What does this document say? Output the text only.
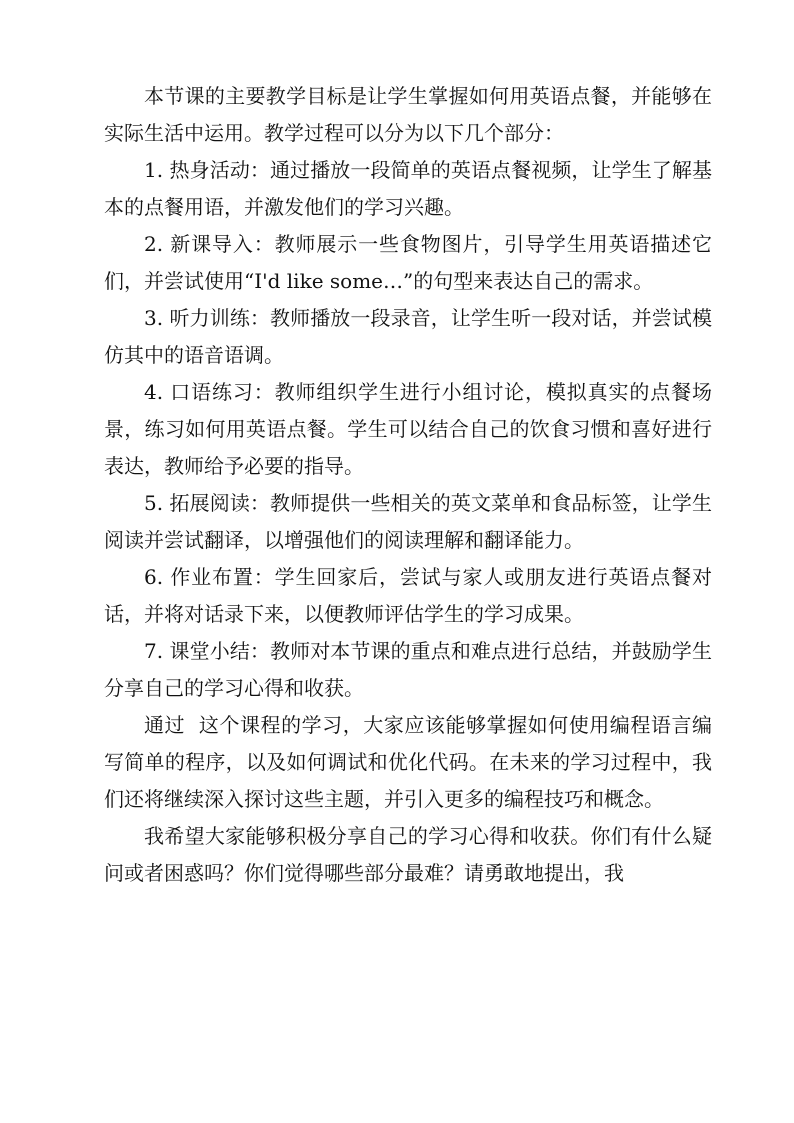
本节课的主要教学目标是让学生掌握如何用英语点餐，并能够在实际生活中运用。教学过程可以分为以下几个部分：

1. 热身活动：通过播放一段简单的英语点餐视频，让学生了解基本的点餐用语，并激发他们的学习兴趣。

2. 新课导入：教师展示一些食物图片，引导学生用英语描述它们，并尝试使用“I'd like some…”的句型来表达自己的需求。

3. 听力训练：教师播放一段录音，让学生听一段对话，并尝试模仿其中的语音语调。

4. 口语练习：教师组织学生进行小组讨论，模拟真实的点餐场景，练习如何用英语点餐。学生可以结合自己的饮食习惯和喜好进行表达，教师给予必要的指导。

5. 拓展阅读：教师提供一些相关的英文菜单和食品标签，让学生阅读并尝试翻译，以增强他们的阅读理解和翻译能力。

6. 作业布置：学生回家后，尝试与家人或朋友进行英语点餐对话，并将对话录下来，以便教师评估学生的学习成果。

7. 课堂小结：教师对本节课的重点和难点进行总结，并鼓励学生分享自己的学习心得和收获。

通过  这个课程的学习，大家应该能够掌握如何使用编程语言编写简单的程序，以及如何调试和优化代码。在未来的学习过程中，我们还将继续深入探讨这些主题，并引入更多的编程技巧和概念。

我希望大家能够积极分享自己的学习心得和收获。你们有什么疑问或者困惑吗？你们觉得哪些部分最难？请勇敢地提出，我
